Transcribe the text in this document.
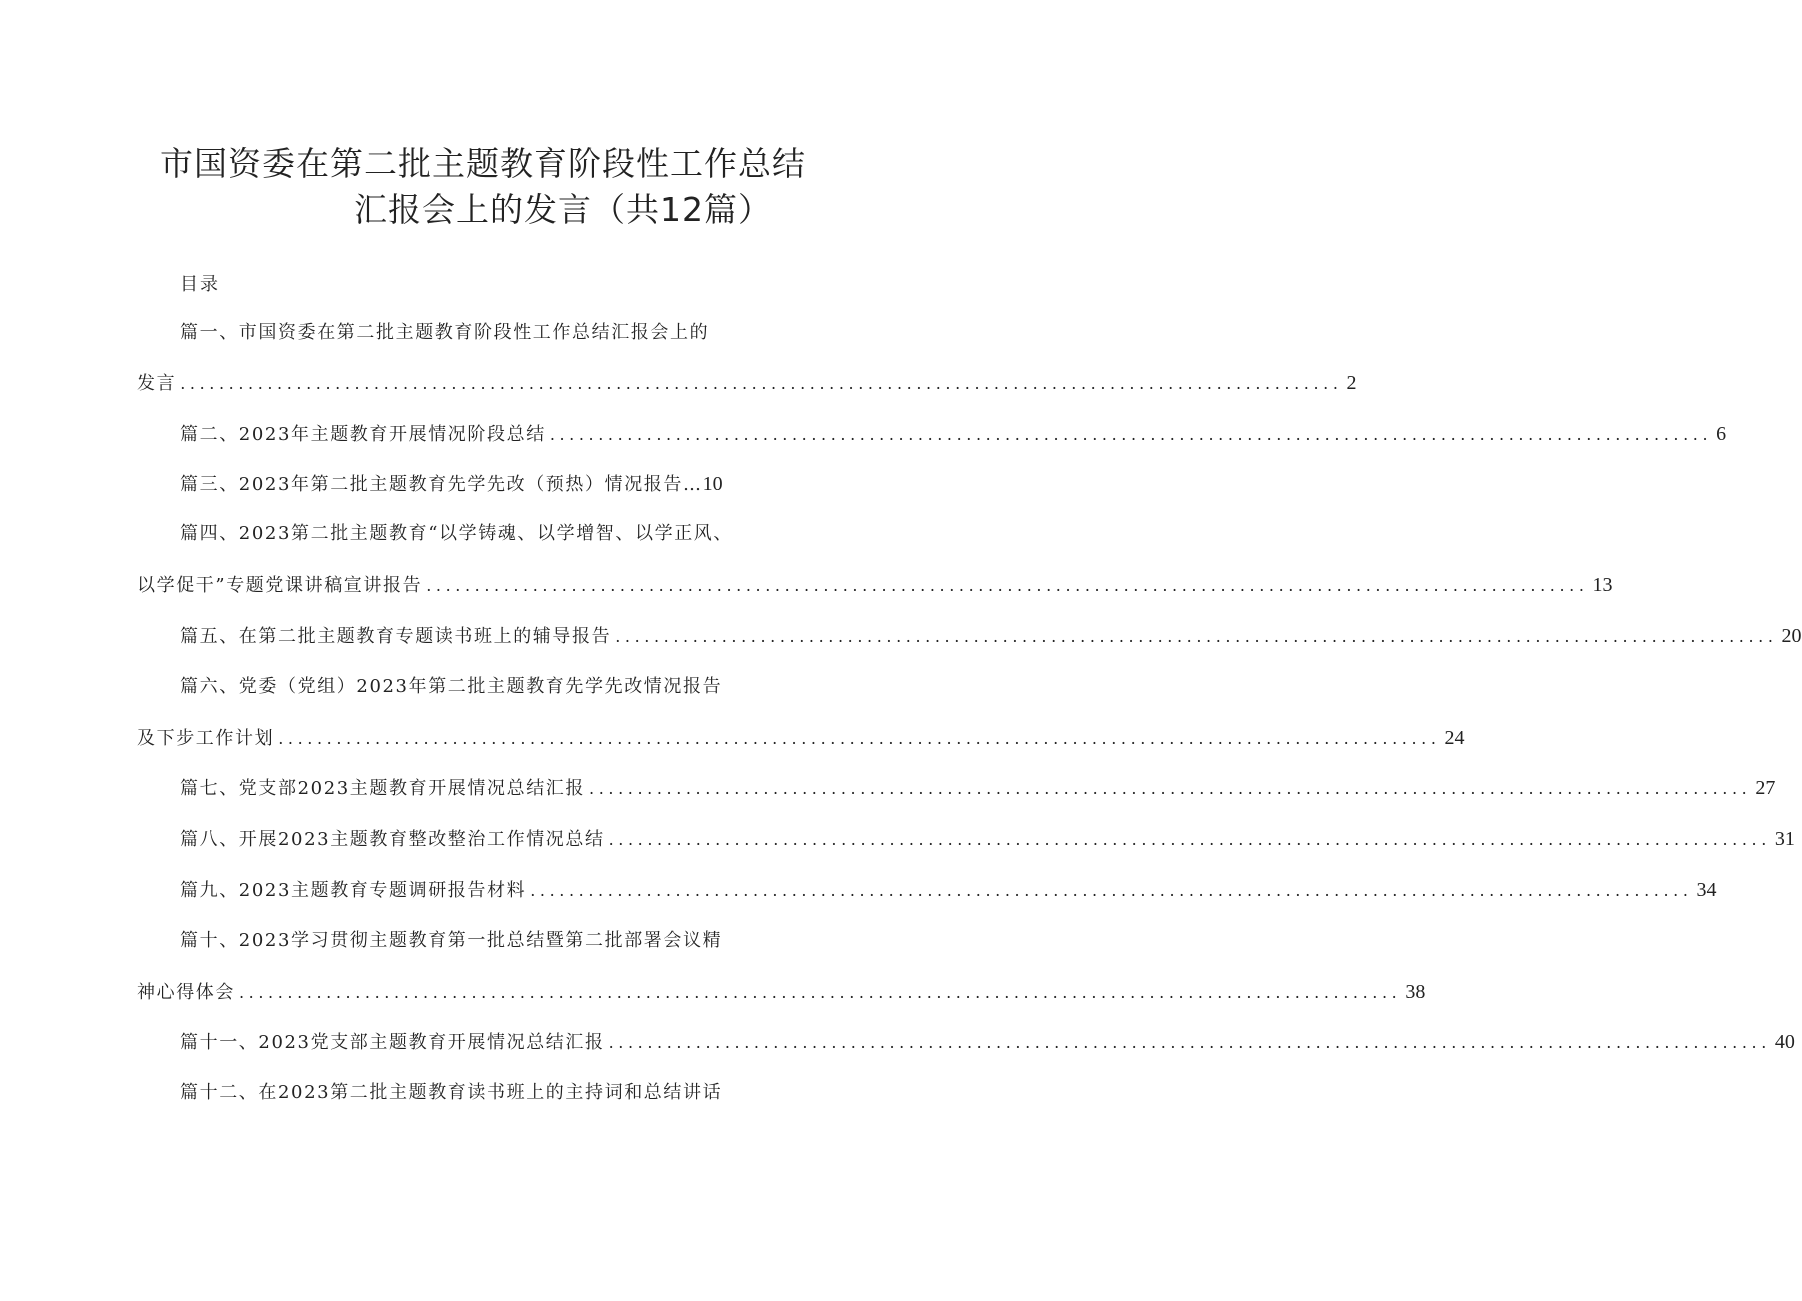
市国资委在第二批主题教育阶段性工作总结
汇报会上的发言（共12篇）
目录
篇一、市国资委在第二批主题教育阶段性工作总结汇报会上的
发言 ........................................................................................................................ 2
篇二、2023年主题教育开展情况阶段总结 ........................................................................................................................ 6
篇三、2023年第二批主题教育先学先改（预热）情况报告…10
篇四、2023第二批主题教育“以学铸魂、以学增智、以学正风、
以学促干”专题党课讲稿宣讲报告 ........................................................................................................................ 13
篇五、在第二批主题教育专题读书班上的辅导报告 ........................................................................................................................ 20
篇六、党委（党组）2023年第二批主题教育先学先改情况报告
及下步工作计划 ........................................................................................................................ 24
篇七、党支部2023主题教育开展情况总结汇报 ........................................................................................................................ 27
篇八、开展2023主题教育整改整治工作情况总结 ........................................................................................................................ 31
篇九、2023主题教育专题调研报告材料 ........................................................................................................................ 34
篇十、2023学习贯彻主题教育第一批总结暨第二批部署会议精
神心得体会 ........................................................................................................................ 38
篇十一、2023党支部主题教育开展情况总结汇报 ........................................................................................................................ 40
篇十二、在2023第二批主题教育读书班上的主持词和总结讲话
